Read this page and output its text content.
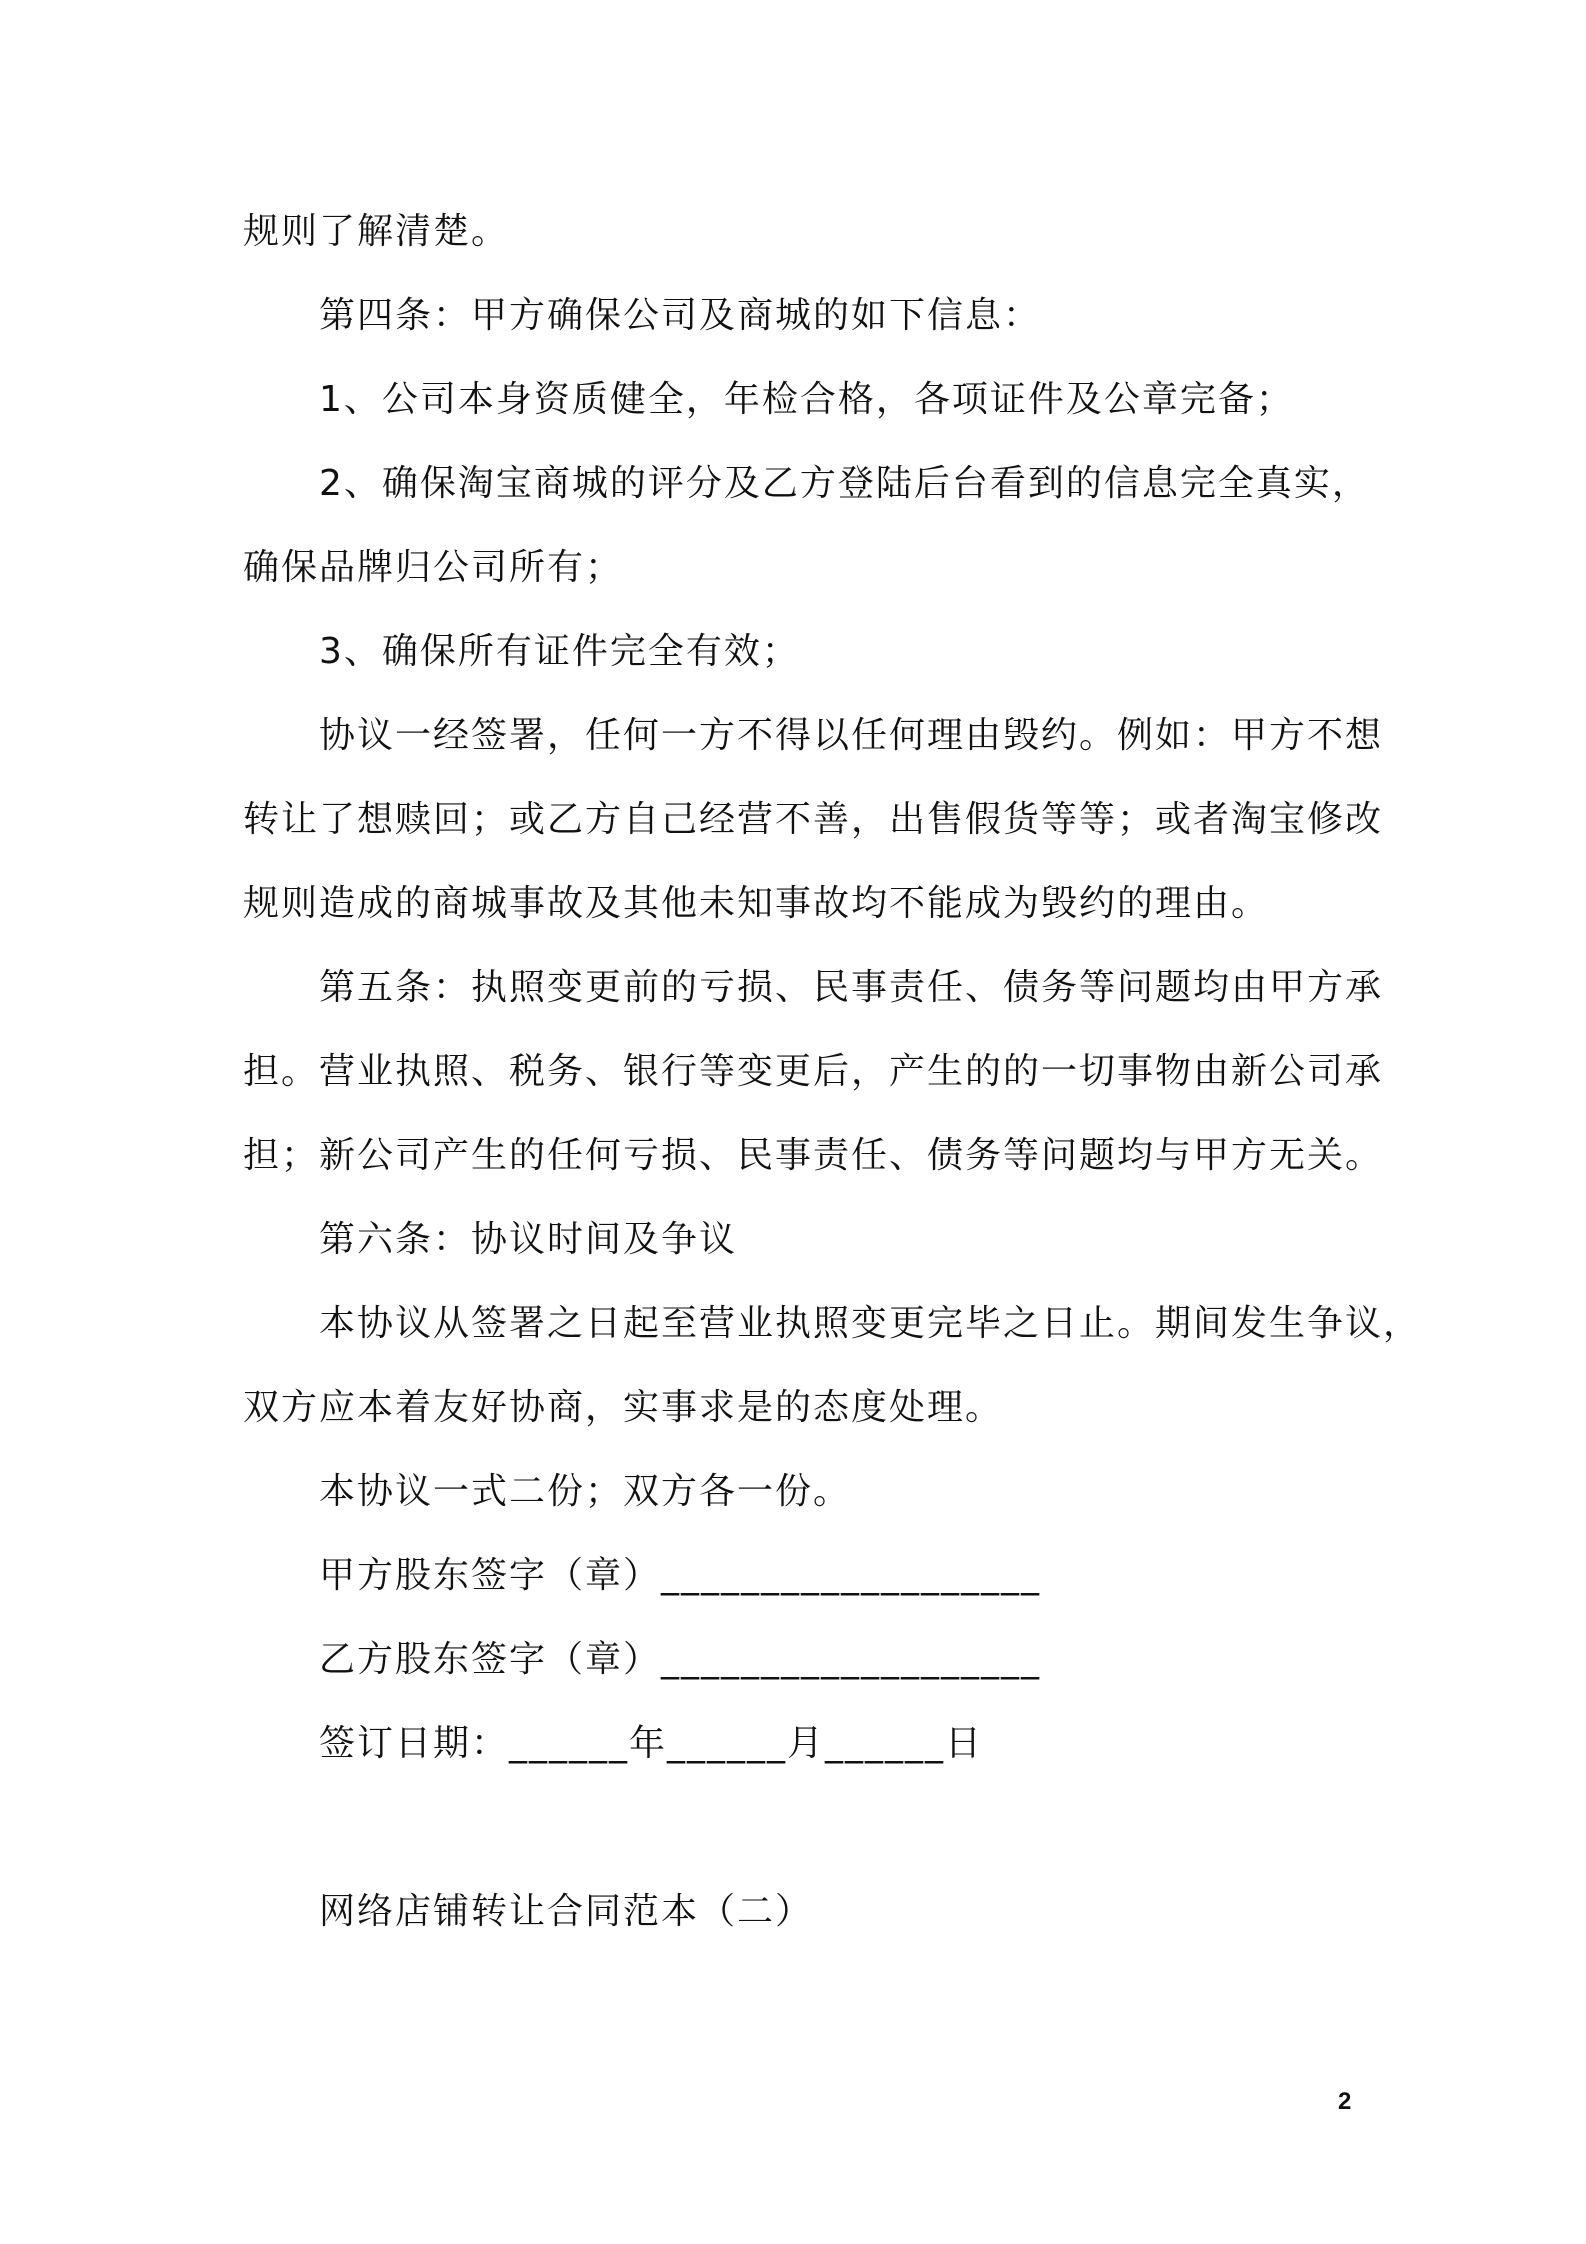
规则了解清楚。

第四条：甲方确保公司及商城的如下信息：

1、公司本身资质健全，年检合格，各项证件及公章完备；

2、确保淘宝商城的评分及乙方登陆后台看到的信息完全真实，

确保品牌归公司所有；

3、确保所有证件完全有效；

协议一经签署，任何一方不得以任何理由毁约。例如：甲方不想

转让了想赎回；或乙方自己经营不善，出售假货等等；或者淘宝修改

规则造成的商城事故及其他未知事故均不能成为毁约的理由。

第五条：执照变更前的亏损、民事责任、债务等问题均由甲方承

担。营业执照、税务、银行等变更后，产生的的一切事物由新公司承

担；新公司产生的任何亏损、民事责任、债务等问题均与甲方无关。

第六条：协议时间及争议

本协议从签署之日起至营业执照变更完毕之日止。期间发生争议，

双方应本着友好协商，实事求是的态度处理。

本协议一式二份；双方各一份。

甲方股东签字（章）___________________

乙方股东签字（章）___________________

签订日期：______年______月______日

网络店铺转让合同范本（二）

2
